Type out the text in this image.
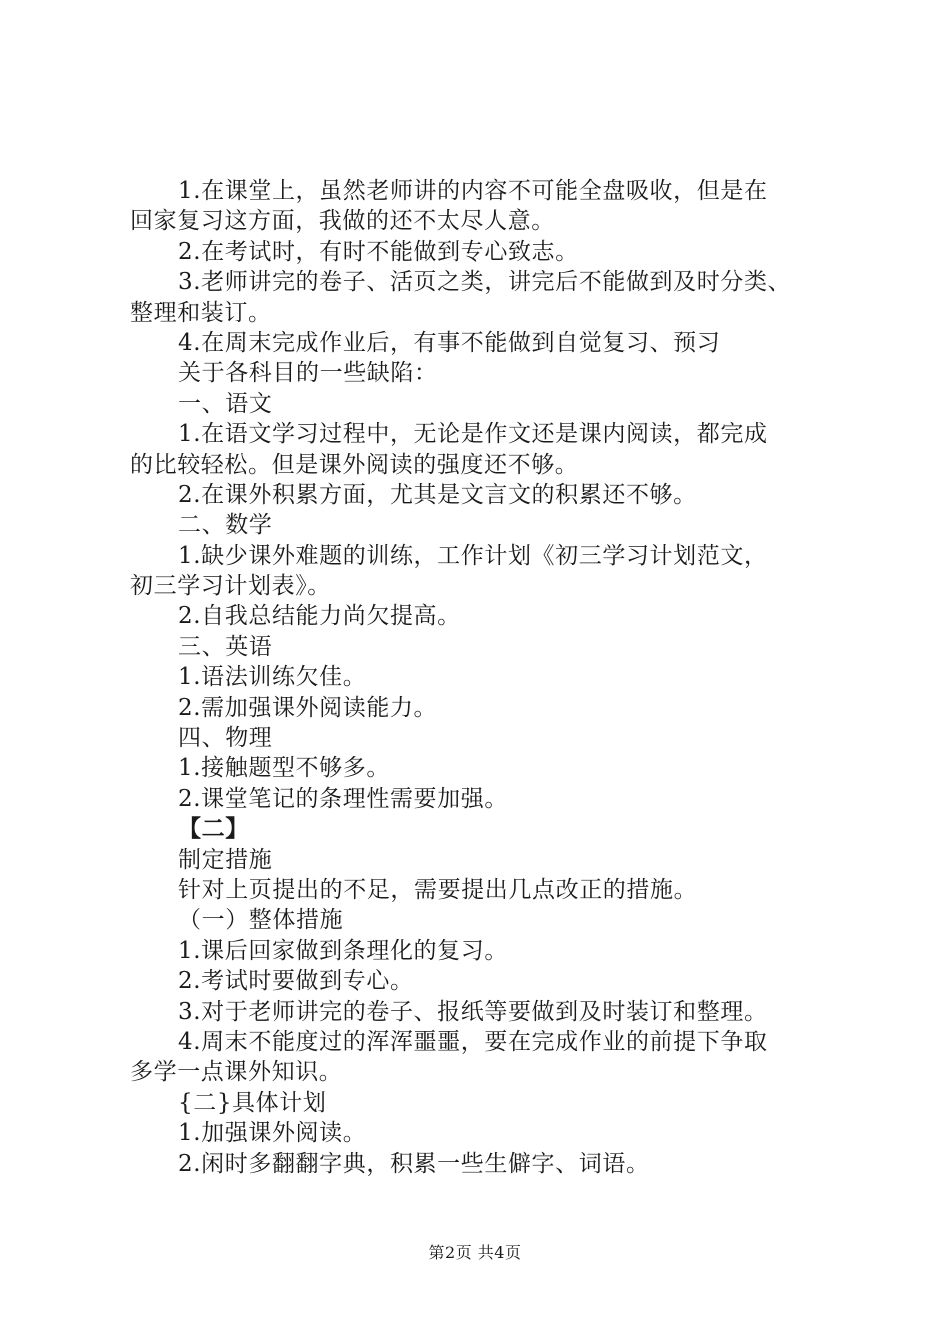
1.在课堂上，虽然老师讲的内容不可能全盘吸收，但是在
回家复习这方面，我做的还不太尽人意。
2.在考试时，有时不能做到专心致志。
3.老师讲完的卷子、活页之类，讲完后不能做到及时分类、
整理和装订。
4.在周末完成作业后，有事不能做到自觉复习、预习
关于各科目的一些缺陷：
一、语文
1.在语文学习过程中，无论是作文还是课内阅读，都完成
的比较轻松。但是课外阅读的强度还不够。
2.在课外积累方面，尤其是文言文的积累还不够。
二、数学
1.缺少课外难题的训练，工作计划《初三学习计划范文，
初三学习计划表》。
2.自我总结能力尚欠提高。
三、英语
1.语法训练欠佳。
2.需加强课外阅读能力。
四、物理
1.接触题型不够多。
2.课堂笔记的条理性需要加强。
【二】
制定措施
针对上页提出的不足，需要提出几点改正的措施。
（一）整体措施
1.课后回家做到条理化的复习。
2.考试时要做到专心。
3.对于老师讲完的卷子、报纸等要做到及时装订和整理。
4.周末不能度过的浑浑噩噩，要在完成作业的前提下争取
多学一点课外知识。
{二}具体计划
1.加强课外阅读。
2.闲时多翻翻字典，积累一些生僻字、词语。
第2页 共4页
